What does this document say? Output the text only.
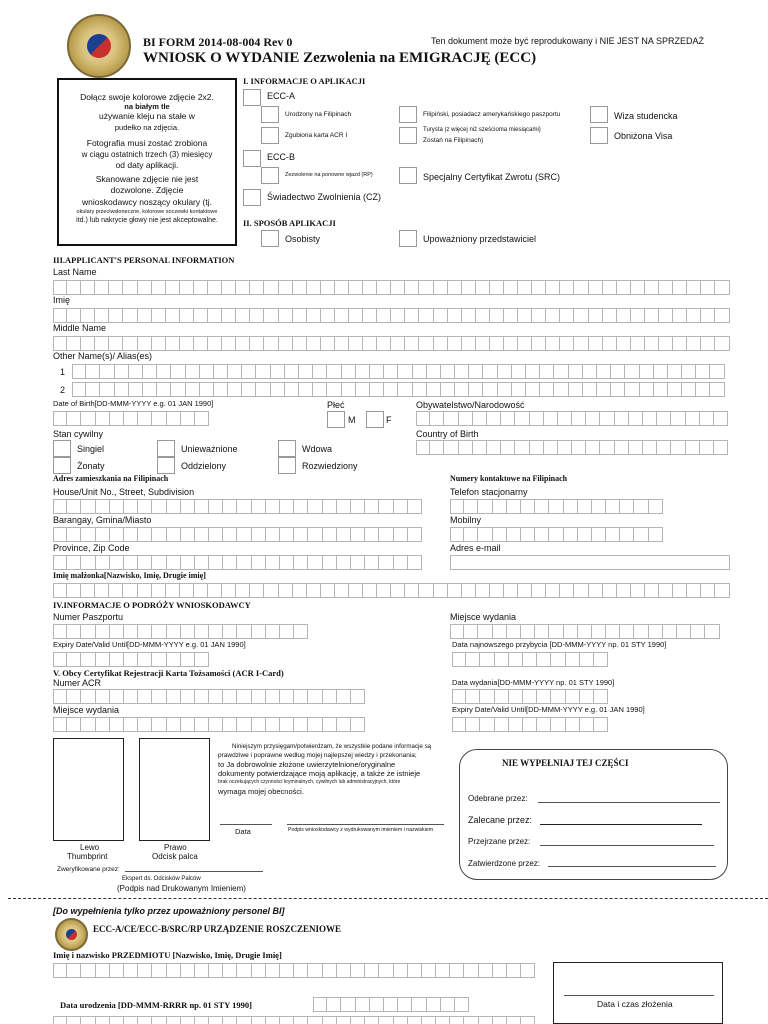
BI FORM 2014-08-004 Rev 0
WNIOSK O WYDANIE Zezwolenia na EMIGRACJĘ (ECC)
Ten dokument może być reprodukowany i NIE JEST NA SPRZEDAŻ
Dołącz swoje kolorowe zdjęcie 2x2.
na białym tle
używanie kleju na stałe w
pudełko na zdjęcia.
Fotografia musi zostać zrobiona
w ciągu ostatnich trzech (3) miesięcy
od daty aplikacji.
Skanowane zdjęcie nie jest
dozwolone. Zdjęcie
wnioskodawcy noszący okulary (tj.
okulary przeciwsłoneczne, kolorowe soczewki kontaktowe
itd.) lub nakrycie głowy nie jest akceptowalne.
I. INFORMACJE O APLIKACJI
ECC-A
Urodzony na Filipinach	Filipiński, posiadacz amerykańskiego paszportu	Wiza studencka
Zgubiona karta ACR I
Turysta (z więcej niż sześcioma miesiącami)
Zostań na Filipinach)	Obniżona Visa
ECC-B
Zezwolenie na ponowne wjazd (RP)	Specjalny Certyfikat Zwrotu (SRC)
Świadectwo Zwolnienia (CZ)
II. SPOSÓB APLIKACJI
Osobisty	Upoważniony przedstawiciel
III.APPLICANT'S PERSONAL INFORMATION
Last Name
Imię
Middle Name
Other Name(s)/ Alias(es)
1
2
Date of Birth[DD-MMM-YYYY e.g. 01 JAN 1990]	Płeć	Obywatelstwo/Narodowość
M	F
Stan cywilny	Country of Birth
Singiel	Unieważnione	Wdowa
Żonaty	Oddzielony	Rozwiedziony
Adres zamieszkania na Filipinach	Numery kontaktowe na Filipinach
House/Unit No., Street, Subdivision	Telefon stacjonarny
Barangay, Gmina/Miasto	Mobilny
Province, Zip Code	Adres e-mail
Imię małżonka[Nazwisko, Imię, Drugie imię]
IV.INFORMACJE O PODRÓŻY WNIOSKODAWCY
Numer Paszportu	Miejsce wydania
Expiry Date/Valid Until[DD-MMM-YYYY e.g. 01 JAN 1990]	Data najnowszego przybycia [DD-MMM-YYYY np. 01 STY 1990]
V. Obcy Certyfikat Rejestracji Karta Tożsamości (ACR I-Card)
Numer ACR	Data wydania[DD-MMM-YYYY np. 01 STY 1990]
Miejsce wydania	Expiry Date/Valid Until[DD-MMM-YYYY e.g. 01 JAN 1990]
Lewo
Thumbprint
Prawo
Odcisk palca
Zweryfikowane przez:
Ekspert ds. Odcisków Palców
(Podpis nad Drukowanym Imieniem)
Niniejszym przysięgam/potwierdzam, że wszystkie podane informacje są
prawdziwe i poprawne według mojej najlepszej wiedzy i przekonania;
to Ja dobrowolnie złożone uwierzytelnione/oryginalne
dokumenty potwierdzające moją aplikację, a także że istnieje
brak oczekujących czynności kryminalnych, cywilnych lub administracyjnych, które
wymaga mojej obecności.
Data	Podpis wnioskodawcy z wydrukowanym imieniem i nazwiskiem
NIE WYPEŁNIAJ TEJ CZĘŚCI
Odebrane przez:
Zalecane przez:
Przejrzane przez:
Zatwierdzone przez:
[Do wypełnienia tylko przez upoważniony personel BI]
ECC-A/CE/ECC-B/SRC/RP URZĄDZENIE ROSZCZENIOWE
Imię i nazwisko PRZEDMIOTU [Nazwisko, Imię, Drugie Imię]
Data i czas złożenia
Data urodzenia [DD-MMM-RRRR np. 01 STY 1990]
